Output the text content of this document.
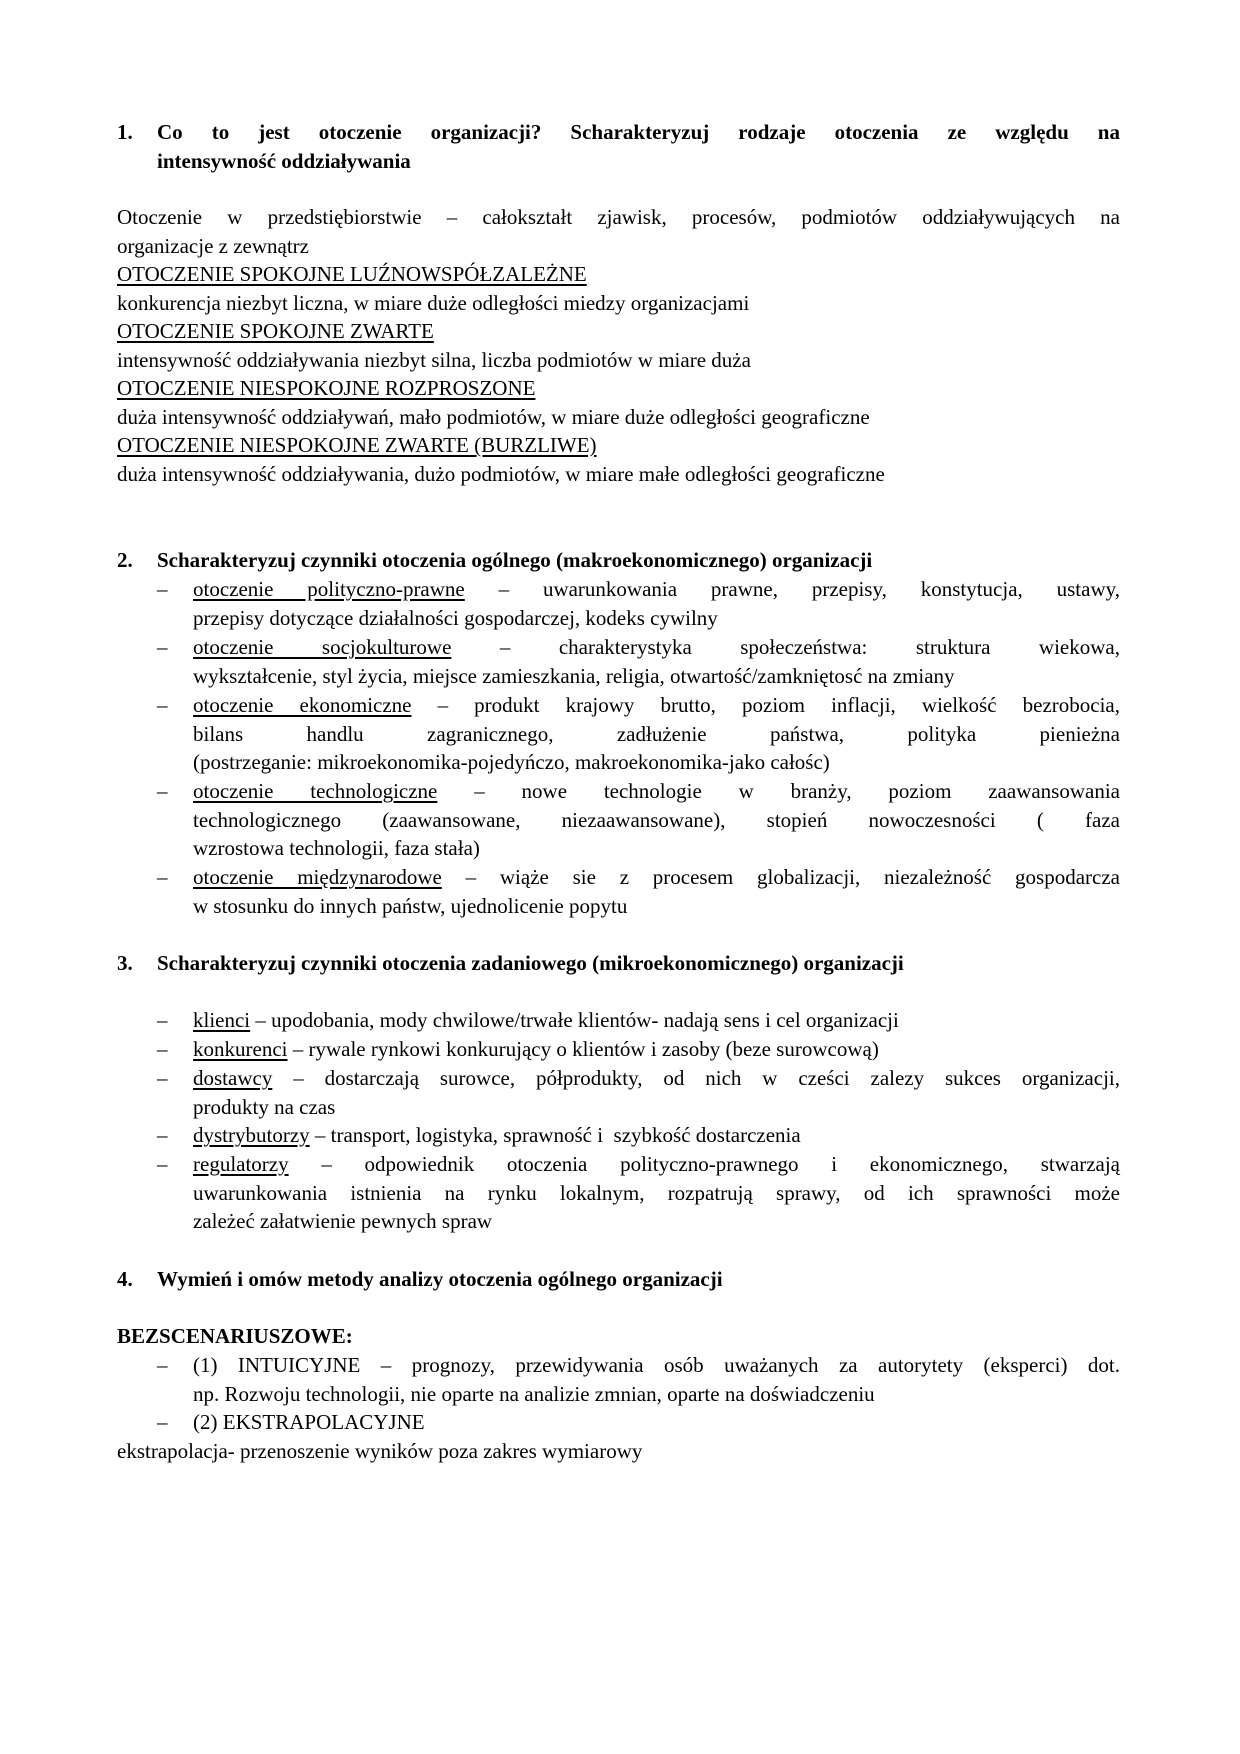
1. Co to jest otoczenie organizacji? Scharakteryzuj rodzaje otoczenia ze względu na
intensywność oddziaływania
Otoczenie w przedstiębiorstwie – całokształt zjawisk, procesów, podmiotów oddziaływujących na
organizacje z zewnątrz
OTOCZENIE SPOKOJNE LUŹNOWSPÓŁZALEŻNE
konkurencja niezbyt liczna, w miare duże odległości miedzy organizacjami
OTOCZENIE SPOKOJNE ZWARTE
intensywność oddziaływania niezbyt silna, liczba podmiotów w miare duża
OTOCZENIE NIESPOKOJNE ROZPROSZONE
duża intensywność oddziaływań, mało podmiotów, w miare duże odległości geograficzne
OTOCZENIE NIESPOKOJNE ZWARTE (BURZLIWE)
duża intensywność oddziaływania, dużo podmiotów, w miare małe odległości geograficzne
2. Scharakteryzuj czynniki otoczenia ogólnego (makroekonomicznego) organizacji
– otoczenie polityczno-prawne – uwarunkowania prawne, przepisy, konstytucja, ustawy,
przepisy dotyczące działalności gospodarczej, kodeks cywilny
– otoczenie socjokulturowe – charakterystyka społeczeństwa: struktura wiekowa,
wykształcenie, styl życia, miejsce zamieszkania, religia, otwartość/zamkniętosć na zmiany
– otoczenie ekonomiczne – produkt krajowy brutto, poziom inflacji, wielkość bezrobocia,
bilans handlu zagranicznego, zadłużenie państwa, polityka pienieżna
(postrzeganie: mikroekonomika-pojedyńczo, makroekonomika-jako całośc)
– otoczenie technologiczne – nowe technologie w branży, poziom zaawansowania
technologicznego (zaawansowane, niezaawansowane), stopień nowoczesności ( faza
wzrostowa technologii, faza stała)
– otoczenie międzynarodowe – wiąże sie z procesem globalizacji, niezależność gospodarcza
w stosunku do innych państw, ujednolicenie popytu
3. Scharakteryzuj czynniki otoczenia zadaniowego (mikroekonomicznego) organizacji
– klienci – upodobania, mody chwilowe/trwałe klientów- nadają sens i cel organizacji
– konkurenci – rywale rynkowi konkurujący o klientów i zasoby (beze surowcową)
– dostawcy – dostarczają surowce, półprodukty, od nich w cześci zalezy sukces organizacji,
produkty na czas
– dystrybutorzy – transport, logistyka, sprawność i  szybkość dostarczenia
– regulatorzy – odpowiednik otoczenia polityczno-prawnego i ekonomicznego, stwarzają
uwarunkowania istnienia na rynku lokalnym, rozpatrują sprawy, od ich sprawności może
zależeć załatwienie pewnych spraw
4. Wymień i omów metody analizy otoczenia ogólnego organizacji
BEZSCENARIUSZOWE:
– (1) INTUICYJNE – prognozy, przewidywania osób uważanych za autorytety (eksperci) dot.
np. Rozwoju technologii, nie oparte na analizie zmnian, oparte na doświadczeniu
– (2) EKSTRAPOLACYJNE
ekstrapolacja- przenoszenie wyników poza zakres wymiarowy
